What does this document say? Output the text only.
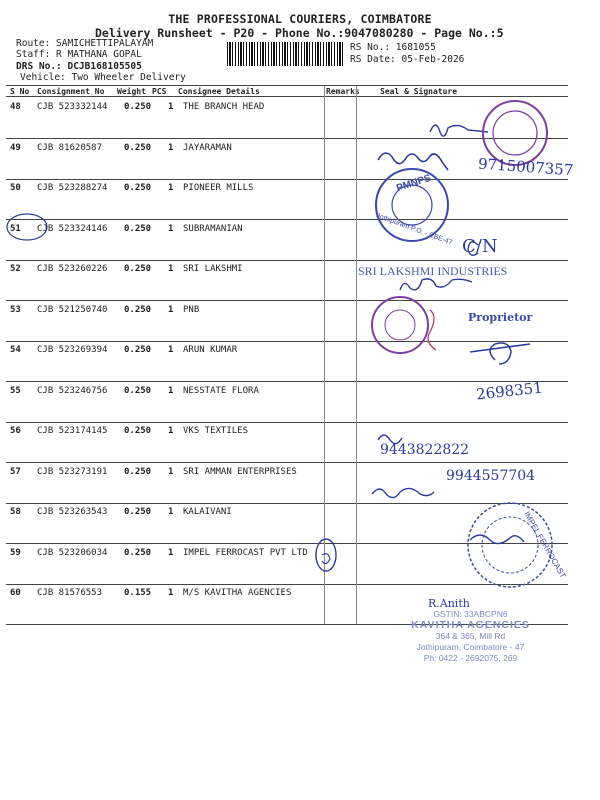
THE PROFESSIONAL COURIERS, COIMBATORE
Delivery Runsheet - P20 - Phone No.:9047080280 - Page No.:5
Route: SAMICHETTIPALAYAM
Staff: R MATHANA GOPAL
DRS No.: DCJB168105505
Vehicle: Two Wheeler Delivery
RS No.: 1681055
RS Date: 05-Feb-2026
S No Consignment No Weight PCS Consignee Details	Remarks	Seal & Signature
48 CJB 523332144 0.250 1 THE BRANCH HEAD
49 CJB 81620587 0.250 1 JAYARAMAN
50 CJB 523288274 0.250 1 PIONEER MILLS
51 CJB 523324146 0.250 1 SUBRAMANIAN
52 CJB 523260226 0.250 1 SRI LAKSHMI
53 CJB 521250740 0.250 1 PNB
54 CJB 523269394 0.250 1 ARUN KUMAR
55 CJB 523246756 0.250 1 NESSTATE FLORA
56 CJB 523174145 0.250 1 VKS TEXTILES
57 CJB 523273191 0.250 1 SRI AMMAN ENTERPRISES
58 CJB 523263543 0.250 1 KALAIVANI
59 CJB 523206034 0.250 1 IMPEL FERROCAST PVT LTD
60 CJB 81576553 0.155 1 M/S KAVITHA AGENCIES
9715007357
PMNPS
Jothipuram P.O. - CBE-47 C/N
SRI LAKSHMI INDUSTRIES
Proprietor
2698351
9443822822
9944557704
IMPEL FERROCAST
R.Anith
GSTIN: 33ABCPN6
KAVITHA AGENCIES
364 & 365, Mill Rd
Jothipuram, Coimbatore - 47
Ph: 0422 - 2692075, 269
